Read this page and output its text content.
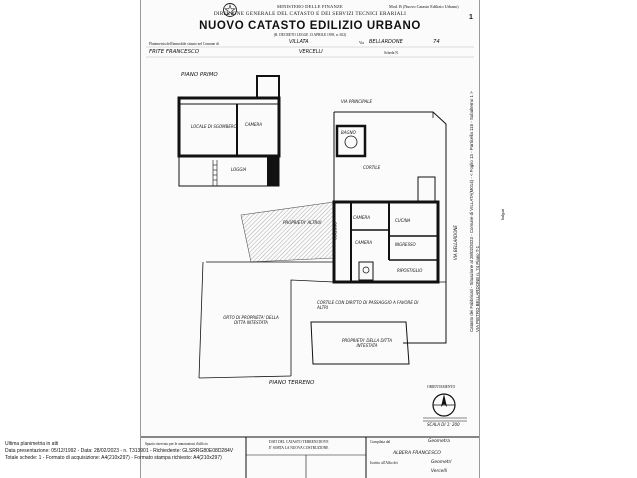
MINISTERO DELLE FINANZE
DIREZIONE GENERALE DEL CATASTO E DEI SERVIZI TECNICI ERARIALI
NUOVO CATASTO EDILIZIO URBANO
(R. DECRETO LEGGE 13 APRILE 1939, n. 652)
Mod. B (Nuovo Catasto Edilizio Urbano)
1
Planimetria dell'immobile situato nel Comune di
FRITE FRANCESCO
VILLATA	Via BELLARDONE	74
VERCELLI	Scheda N.
PIANO PRIMO
CAMERA
LOCALE DI SGOMBERO
LOGGIA
VIA PRINCIPALE
CORTILE
BAGNO
PROPRIETA' ALTRUI
CAMERA
CUCINA
CAMERA	INGRESSO
PORTICO
RIPOSTIGLIO
VIA BELLARDONE
CORTILE CON DIRITTO DI PASSAGGIO A FAVORE DI ALTRI
ORTO DI PROPRIETA' DELLA DITTA INTESTATA
PROPRIETA' DELLA DITTA INTESTATA
PIANO TERRENO
ORIENTAMENTO
SCALA DI 1: 200
Spazio riservato per le annotazioni d'ufficio	DATI DEL CATASTO TERRENI DOVE
E' SORTA LA NUOVA COSTRUZIONE
Compilata dal	Geometra
ALBERA FRANCESCO
Iscritto all'Albo dei	Geometri
Vercelli
Ultima planimetria in atti
Data presentazione: 05/12/1992 - Data: 28/02/2023 - n. T313901 - Richiedente: GLSRRG80E08D284V
Totale schede: 1 - Formato di acquisizione: A4(210x297) - Formato stampa richiesto: A4(210x297)
Catasto dei Fabbricati - Situazione al 28/02/2023 - Comune di VILLATA(M014) - < Foglio 13 - Particella 116 - Subalterno 1 > VIA PIETRO BELLARDONE n. 74 Piano T-1
bulgari
